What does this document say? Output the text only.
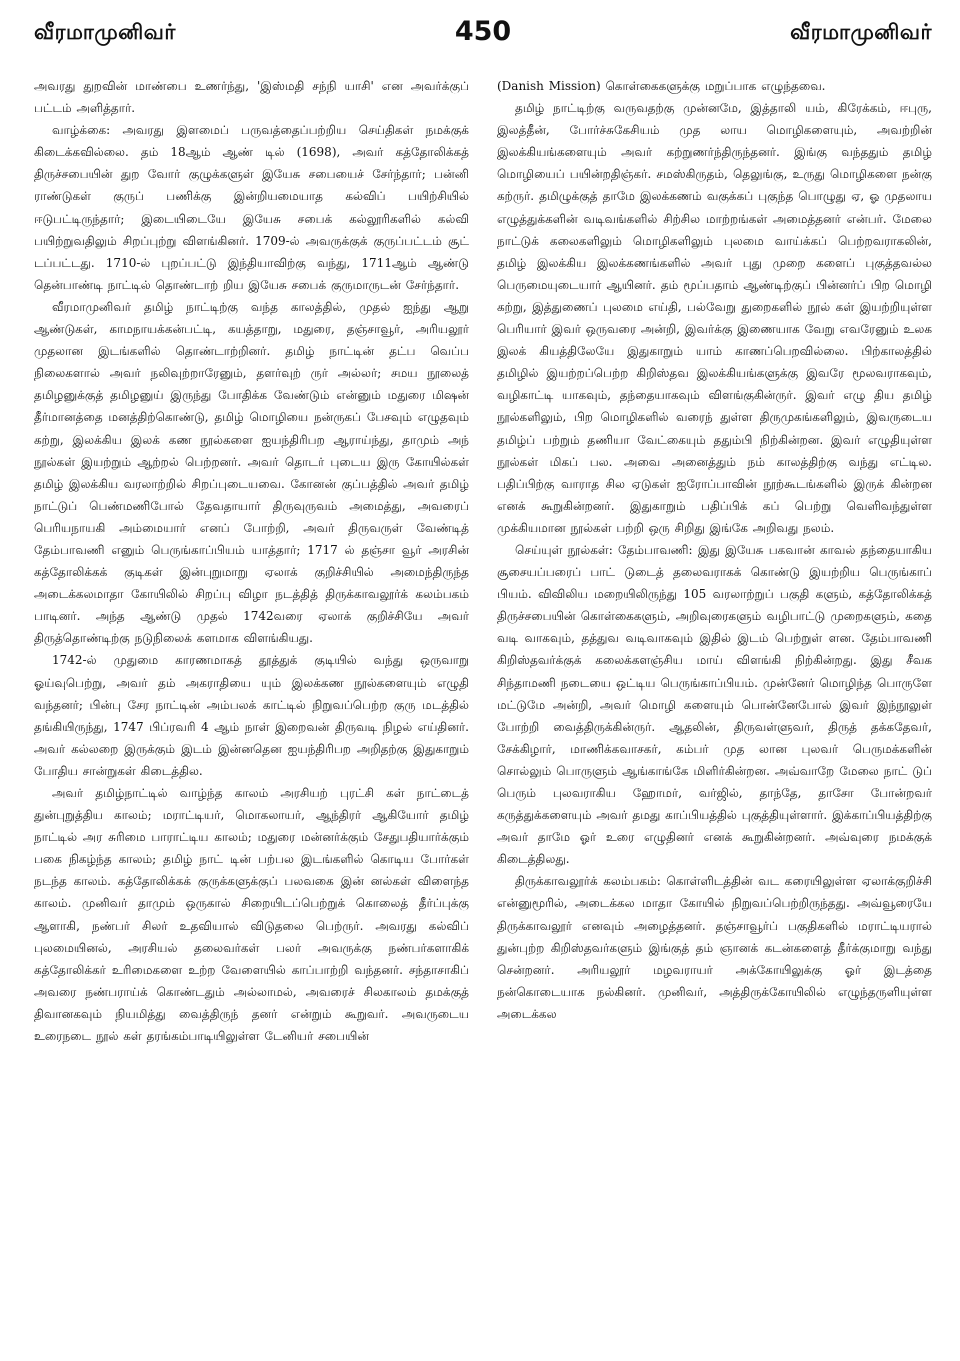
வீரமாமுனிவர்	450	வீரமாமுனிவர்

அவரது துறவின் மாண்பை உணர்ந்து, 'இஸ்மதி சந்நி யாசி' என அவர்க்குப் பட்டம் அளித்தார்.

வாழ்க்கை: அவரது இளமைப் பருவத்தைப்பற்றிய செய்திகள் நமக்குக் கிடைக்கவில்லை. தம் 18ஆம் ஆண் டில் (1698), அவர் கத்தோலிக்கத் திருச்சபையின் துற வோர் குழுக்களுள் இயேசு சபையைச் சேர்ந்தார்; பன்னி ராண்டுகள் குருப் பணிக்கு இன்றியமையாத கல்விப் பயிற்சியில் ஈடுபட்டிருந்தார்; இடையிடையே இயேசு சபைக் கல்லூரிகளில் கல்வி பயிற்றுவதிலும் சிறப்புற்று விளங்கினர். 1709-ல் அவருக்குக் குருப்பட்டம் சூட் டப்பட்டது. 1710-ல் புறப்பட்டு இந்தியாவிற்கு வந்து, 1711ஆம் ஆண்டு தென்பாண்டி நாட்டில் தொண்டாற் றிய இயேசு சபைக் குருமாருடன் சேர்ந்தார்.

வீரமாமுனிவர் தமிழ் நாட்டிற்கு வந்த காலத்தில், முதல் ஐந்து ஆறு ஆண்டுகள், காமநாயக்கன்பட்டி, கயத்தாறு, மதுரை, தஞ்சாவூர், அரியலூர் முதலான இடங்களில் தொண்டாற்றினர். தமிழ் நாட்டின் தட்ப வெப்ப நிலைகளால் அவர் நலிவுற்றாரேனும், தளர்வுற் ருர் அல்லர்; சமய நூலைத் தமிழனுக்குத் தமிழனுய் இருந்து போதிக்க வேண்டும் என்னும் மதுரை மிஷன் தீர்மானத்தை மனத்திற்கொண்டு, தமிழ் மொழியை நன்ருகப் பேசவும் எழுதவும் கற்று, இலக்கிய இலக் கண நூல்களை ஐயந்திரிபற ஆராய்ந்து, தாமும் அந் நூல்கள் இயற்றும் ஆற்றல் பெற்றனர். அவர் தொடர் புடைய இரு கோயில்கள் தமிழ் இலக்கிய வரலாற்றில் சிறப்புடையவை. கோனன் குப்பத்தில் அவர் தமிழ் நாட்டுப் பெண்மணிபோல் தேவதாயார் திருவுருவம் அமைத்து, அவரைப் பெரியநாயகி அம்மையார் எனப் போற்றி, அவர் திருவருள் வேண்டித் தேம்பாவணி எனும் பெருங்காப்பியம் யாத்தார்; 1717 ல் தஞ்சா வூர் அரசின் கத்தோலிக்கக் குடிகள் இன்புறுமாறு ஏலாக் குறிச்சியில் அமைந்திருந்த அடைக்கலமாதா கோயிலில் சிறப்பு விழா நடத்தித் திருக்காவலூர்க் கலம்பகம் பாடினர். அந்த ஆண்டு முதல் 1742வரை ஏலாக் குறிச்சியே அவர் திருத்தொண்டிற்கு நடுநிலைக் களமாக விளங்கியது.

1742-ல் முதுமை காரணமாகத் தூத்துக் குடியில் வந்து ஒருவாறு ஓய்வுபெற்று, அவர் தம் அகராதியை யும் இலக்கண நூல்களையும் எழுதி வந்தனர்; பின்பு சேர நாட்டின் அம்பலக் காட்டில் நிறுவப்பெற்ற குரு மடத்தில் தங்கியிருந்து, 1747 பிப்ரவரி 4 ஆம் நாள் இறைவன் திருவடி நிழல் எய்தினர். அவர் கல்லறை இருக்கும் இடம் இன்னதென ஐயந்திரிபற அறிதற்கு இதுகாறும் போதிய சான்றுகள் கிடைத்தில.

அவர் தமிழ்நாட்டில் வாழ்ந்த காலம் அரசியற் புரட்சி கள் நாட்டைத் துன்புறுத்திய காலம்; மராட்டியர், மொகலாயர், ஆந்திரர் ஆகியோர் தமிழ் நாட்டில் அர சுரிமை பாராட்டிய காலம்; மதுரை மன்னர்க்கும் சேதுபதியார்க்கும் பகை நிகழ்ந்த காலம்; தமிழ் நாட் டின் பற்பல இடங்களில் கொடிய போர்கள் நடந்த காலம். கத்தோலிக்கக் குருக்களுக்குப் பலவகை இன் னல்கள் விளைந்த காலம். முனிவர் தாமும் ஒருகால் சிறையிடப்பெற்றுக் கொலைத் தீர்ப்புக்கு ஆளாகி, நண்பர் சிலர் உதவியால் விடுதலை பெற்ருர். அவரது கல்விப் புலமையினல், அரசியல் தலைவர்கள் பலர் அவருக்கு நண்பர்களாகிக் கத்தோலிக்கர் உரிமைகளை உற்ற வேளையில் காப்பாற்றி வந்தனர். சந்தாசாகிப் அவரை நண்பராய்க் கொண்டதும் அல்லாமல், அவரைச் சிலகாலம் தமக்குத் திவானகவும் நியமித்து வைத்திருந் தனர் என்றும் கூறுவர். அவருடைய உரைநடை நூல் கள் தரங்கம்பாடியிலுள்ள டேனியர் சபையின்

(Danish Mission) கொள்கைகளுக்கு மறுப்பாக எழுந்தவை.

தமிழ் நாட்டிற்கு வருவதற்கு முன்னமே, இத்தாலி யம், கிரேக்கம், ஈபுரு, இலத்தீன், போர்ச்சுகேசியம் முத லாய மொழிகளையும், அவற்றின் இலக்கியங்களையும் அவர் கற்றுணர்ந்திருந்தனர். இங்கு வந்ததும் தமிழ் மொழியைப் பயின்றதிஞ்கர். சமஸ்கிருதம், தெலுங்கு, உருது மொழிகளை நன்கு கற்ருர். தமிழுக்குத் தாமே இலக்கணம் வகுக்கப் புகுந்த பொழுது ஏ, ஓ முதலாய எழுத்துக்களின் வடிவங்களில் சிற்சில மாற்றங்கள் அமைத்தனர் என்பர். மேலை நாட்டுக் கலைகளிலும் மொழிகளிலும் புலமை வாய்க்கப் பெற்றவராகலின், தமிழ் இலக்கிய இலக்கணங்களில் அவர் புது முறை களைப் புகுத்தவல்ல பெருமையுடையார் ஆயினர். தம் மூப்பதாம் ஆண்டிற்குப் பின்னர்ப் பிற மொழி கற்று, இத்துணைப் புலமை எய்தி, பல்வேறு துறைகளில் நூல் கள் இயற்றியுள்ள பெரியார் இவர் ஒருவரை அன்றி, இவர்க்கு இணையாக வேறு எவரேனும் உலக இலக் கியத்திலேயே இதுகாறும் யாம் காணப்பெறவில்லை. பிற்காலத்தில் தமிழில் இயற்றப்பெற்ற கிறிஸ்தவ இலக்கியங்களுக்கு இவரே மூலவராகவும், வழிகாட்டி யாகவும், தந்தையாகவும் விளங்குகின்ருர். இவர் எழு திய தமிழ் நூல்களிலும், பிற மொழிகளில் வரைந் துள்ள திருமுகங்களிலும், இவருடைய தமிழ்ப் பற்றும் தணியா வேட்கையும் ததும்பி நிற்கின்றன. இவர் எழுதியுள்ள நூல்கள் மிகப் பல. அவை அனைத்தும் நம் காலத்திற்கு வந்து எட்டில. பதிப்பிற்கு வாராத சில ஏடுகள் ஐரோப்பாவின் நூற்கூடங்களில் இருக் கின்றன எனக் கூறுகின்றனர். இதுகாறும் பதிப்பிக் கப் பெற்று வெளிவந்துள்ள முக்கியமான நூல்கள் பற்றி ஒரு சிறிது இங்கே அறிவது நலம்.

செய்யுள் நூல்கள்: தேம்பாவணி: இது இயேசு பகவான் காவல் தந்தையாகிய சூசையப்பரைப் பாட் டுடைத் தலைவராகக் கொண்டு இயற்றிய பெருங்காப் பியம். விவிலிய மறையிலிருந்து 105 வரலாற்றுப் பகுதி களும், கத்தோலிக்கத் திருச்சபையின் கொள்கைகளும், அறிவுரைகளும் வழிபாட்டு முறைகளும், கதை வடி வாகவும், தத்துவ வடிவாகவும் இதில் இடம் பெற்றுள் ளன. தேம்பாவணி கிறிஸ்தவர்க்குக் கலைக்களஞ்சிய மாய் விளங்கி நிற்கின்றது. இது சீவக சிந்தாமணி நடையை ஒட்டிய பெருங்காப்பியம். முன்னேர் மொழிந்த பொருளே மட்டுமே அன்றி, அவர் மொழி களையும் பொன்னேபோல் இவர் இந்நூலுள் போற்றி வைத்திருக்கின்ருர். ஆதலின், திருவள்ளுவர், திருத் தக்கதேவர், சேக்கிழார், மாணிக்கவாசகர், கம்பர் முத லான புலவர் பெருமக்களின் சொல்லும் பொருளும் ஆங்காங்கே மிளிர்கின்றன. அவ்வாறே மேலை நாட் டுப் பெரும் புலவராகிய ஹோமர், வர்ஜில், தாந்தே, தாசோ போன்றவர் கருத்துக்களையும் அவர் தமது காப்பியத்தில் புகுத்தியுள்ளார். இக்காப்பியத்திற்கு அவர் தாமே ஓர் உரை எழுதினர் எனக் கூறுகின்றனர். அவ்வுரை நமக்குக் கிடைத்திலது.

திருக்காவலூர்க் கலம்பகம்: கொள்ளிடத்தின் வட கரையிலுள்ள ஏலாக்குறிச்சி என்னுமூரில், அடைக்கல மாதா கோயில் நிறுவப்பெற்றிருந்தது. அவ்வூரையே திருக்காவலூர் எனவும் அழைத்தனர். தஞ்சாவூர்ப் பகுதிகளில் மராட்டியரால் துன்புற்ற கிறிஸ்தவர்களும் இங்குத் தம் ஞானக் கடன்களைத் தீர்க்குமாறு வந்து சென்றனர். அரியலூர் மழவராயர் அக்கோயிலுக்கு ஓர் இடத்தை நன்கொடையாக நல்கினர். முனிவர், அத்திருக்கோயிலில் எழுந்தருளியுள்ள அடைக்கல
